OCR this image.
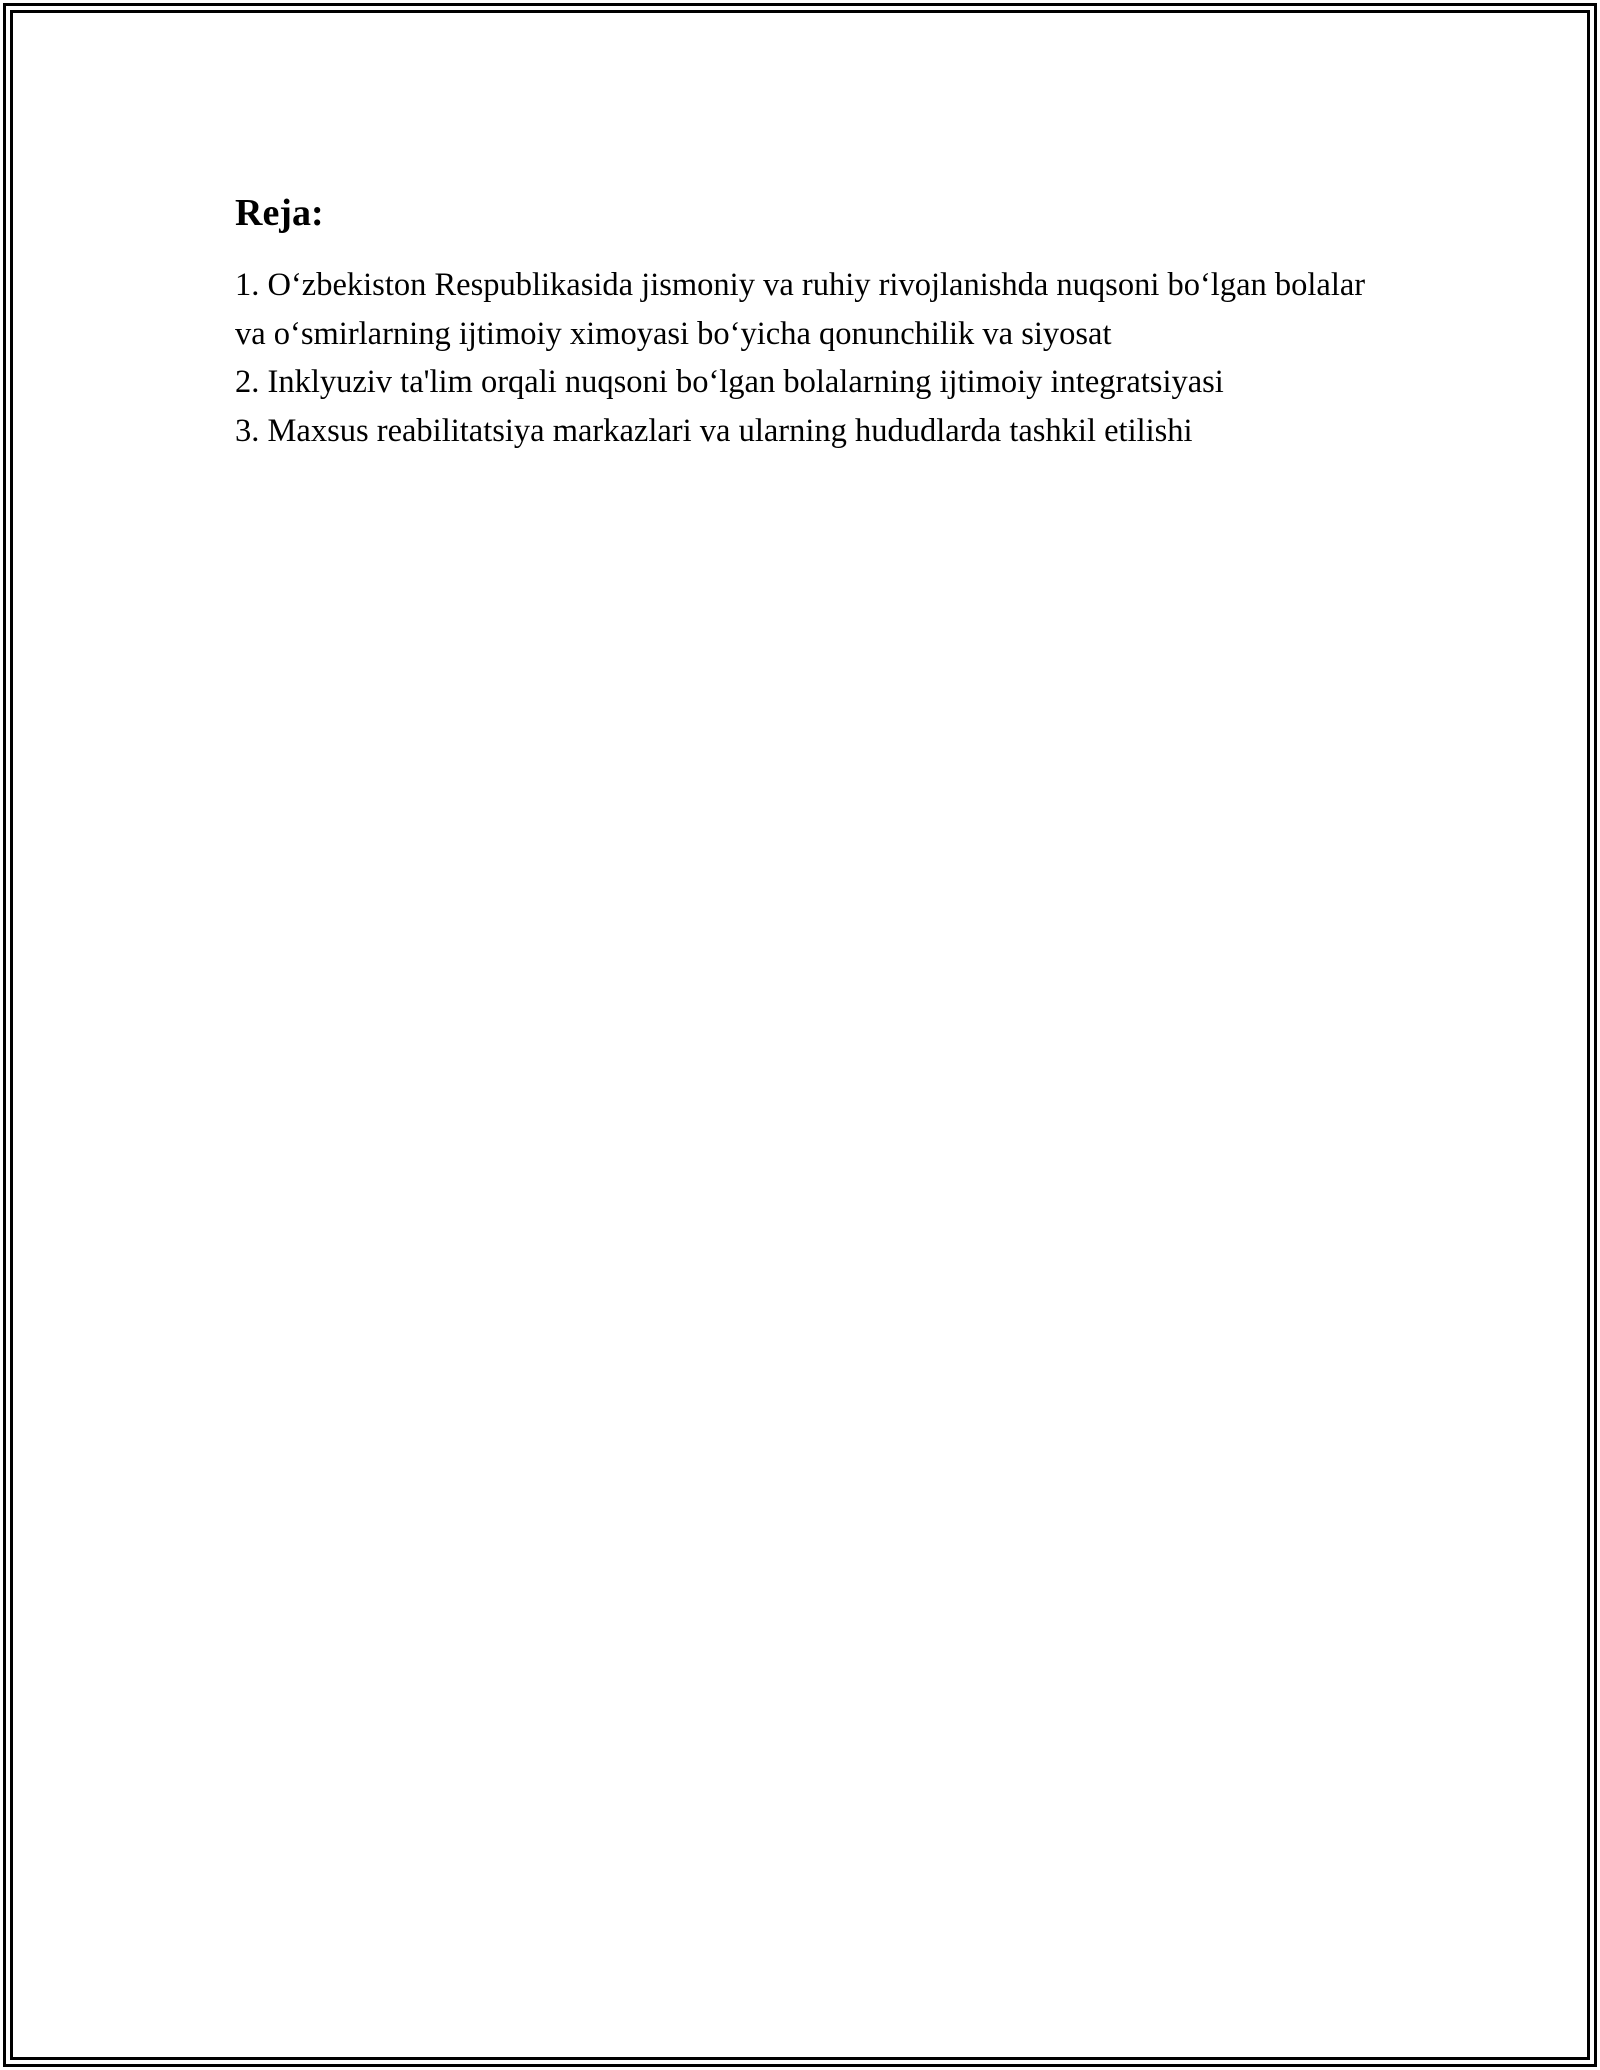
Reja:
1. O‘zbekiston Respublikasida jismoniy va ruhiy rivojlanishda nuqsoni bo‘lgan bolalar va o‘smirlarning ijtimoiy ximoyasi bo‘yicha qonunchilik va siyosat
2. Inklyuziv ta'lim orqali nuqsoni bo‘lgan bolalarning ijtimoiy integratsiyasi
3. Maxsus reabilitatsiya markazlari va ularning hududlarda tashkil etilishi
